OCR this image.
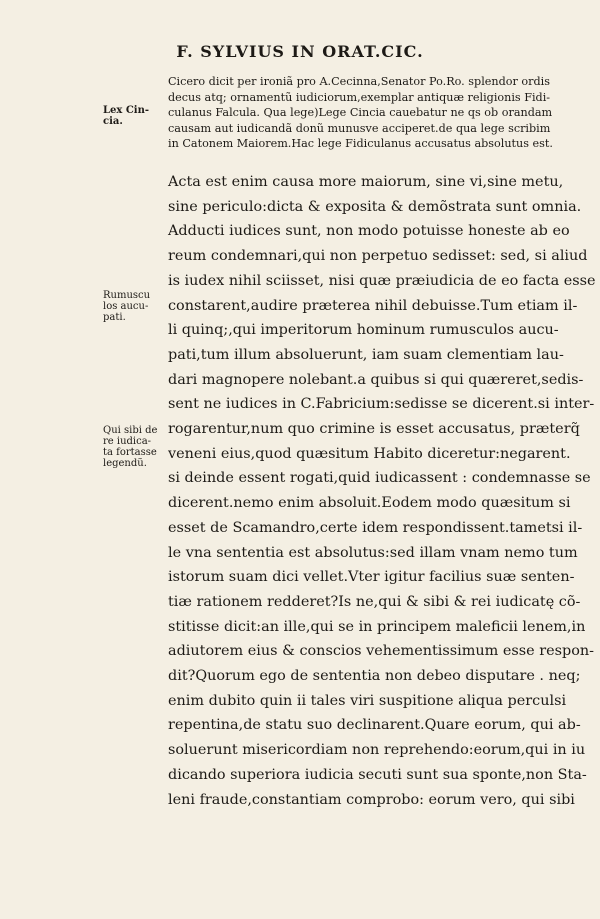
F. SYLVIUS IN ORAT.CIC.
Lex Cin-
cia.
Cicero dicit per ironiã pro A.Cecinna,Senator Po.Ro. splendor ordis
decus atq; ornamentũ iudiciorum,exemplar antiquæ religionis Fidi-
culanus Falcula. Qua lege)Lege Cincia cauebatur ne qs ob orandam
causam aut iudicandã donũ munusve acciperet.de qua lege scribim
in Catonem Maiorem.Hac lege Fidiculanus accusatus absolutus est.
Rumuscu
los aucu-
pati.
Qui sibi de
re iudica-
ta fortasse
legendũ.
Acta est enim causa more maiorum, sine vi,sine metu,
sine periculo:dicta & exposita & demõstrata sunt omnia.
Adducti iudices sunt, non modo potuisse honeste ab eo
reum condemnari,qui non perpetuo sedisset: sed, si aliud
is iudex nihil sciisset, nisi quæ præiudicia de eo facta esse
constarent,audire præterea nihil debuisse.Tum etiam il-
li quinq;,qui imperitorum hominum rumusculos aucu-
pati,tum illum absoluerunt, iam suam clementiam lau-
dari magnopere nolebant.a quibus si qui quæreret,sedis-
sent ne iudices in C.Fabricium:sedisse se dicerent.si inter-
rogarentur,num quo crimine is esset accusatus, præterq̃
veneni eius,quod quæsitum Habito diceretur:negarent.
si deinde essent rogati,quid iudicassent : condemnasse se
dicerent.nemo enim absoluit.Eodem modo quæsitum si
esset de Scamandro,certe idem respondissent.tametsi il-
le vna sententia est absolutus:sed illam vnam nemo tum
istorum suam dici vellet.Vter igitur facilius suæ senten-
tiæ rationem redderet?Is ne,qui & sibi & rei iudicatę cõ-
stitisse dicit:an ille,qui se in principem maleficii lenem,in
adiutorem eius & conscios vehementissimum esse respon-
dit?Quorum ego de sententia non debeo disputare . neq;
enim dubito quin ii tales viri suspitione aliqua perculsi
repentina,de statu suo declinarent.Quare eorum, qui ab-
soluerunt misericordiam non reprehendo:eorum,qui in iu
dicando superiora iudicia secuti sunt sua sponte,non Sta-
leni fraude,constantiam comprobo: eorum vero, qui sibi
